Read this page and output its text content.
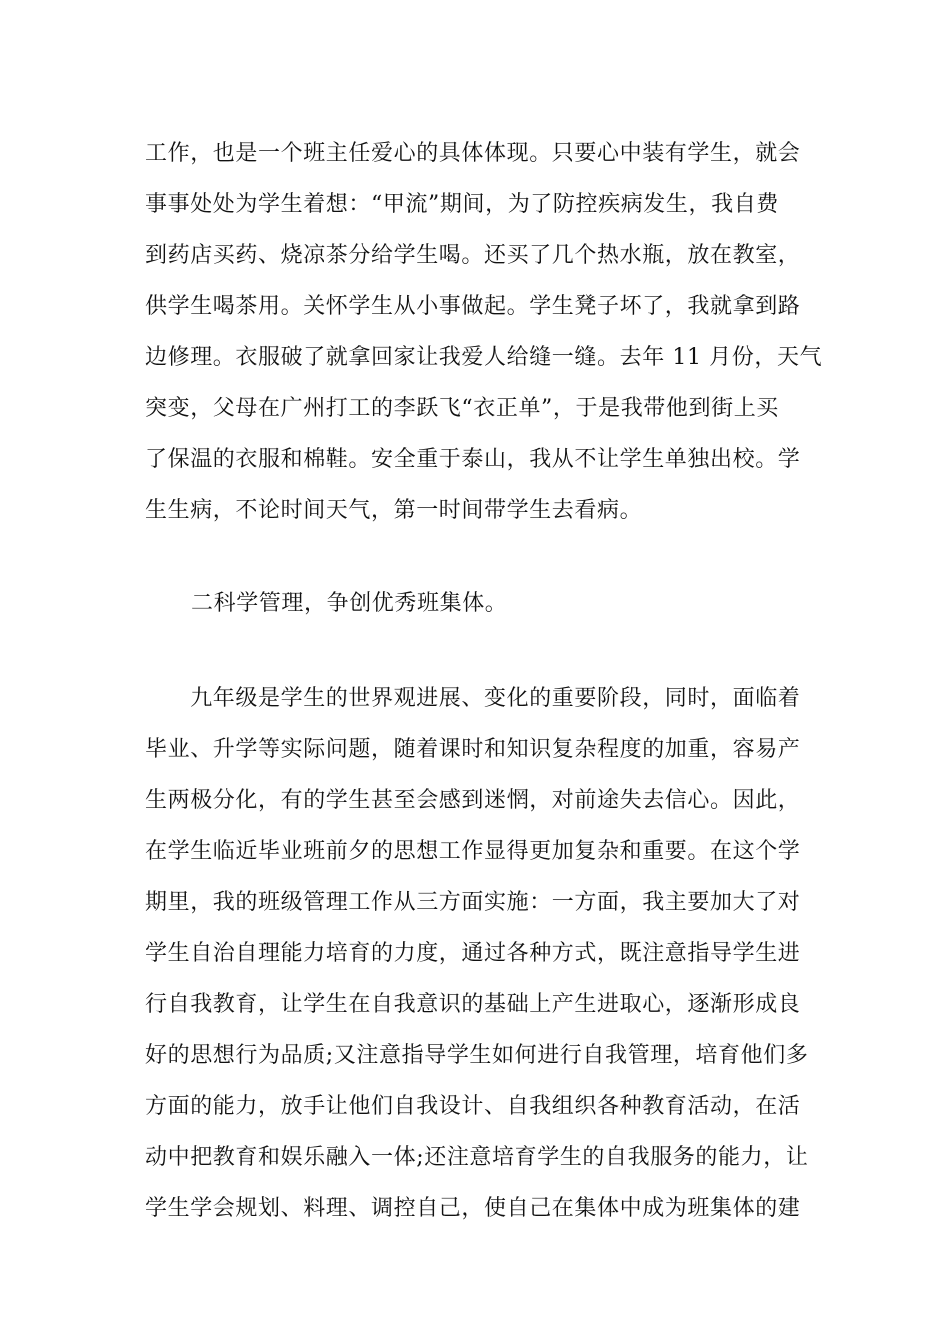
工作，也是一个班主任爱心的具体体现。只要心中装有学生，就会
事事处处为学生着想：“甲流”期间，为了防控疾病发生，我自费
到药店买药、烧凉茶分给学生喝。还买了几个热水瓶，放在教室，
供学生喝茶用。关怀学生从小事做起。学生凳子坏了，我就拿到路
边修理。衣服破了就拿回家让我爱人给缝一缝。去年 11 月份，天气
突变，父母在广州打工的李跃飞“衣正单”，于是我带他到街上买
了保温的衣服和棉鞋。安全重于泰山，我从不让学生单独出校。学
生生病，不论时间天气，第一时间带学生去看病。
二科学管理，争创优秀班集体。
　　九年级是学生的世界观进展、变化的重要阶段，同时，面临着
毕业、升学等实际问题，随着课时和知识复杂程度的加重，容易产
生两极分化，有的学生甚至会感到迷惘，对前途失去信心。因此，
在学生临近毕业班前夕的思想工作显得更加复杂和重要。在这个学
期里，我的班级管理工作从三方面实施：一方面，我主要加大了对
学生自治自理能力培育的力度，通过各种方式，既注意指导学生进
行自我教育，让学生在自我意识的基础上产生进取心，逐渐形成良
好的思想行为品质;又注意指导学生如何进行自我管理，培育他们多
方面的能力，放手让他们自我设计、自我组织各种教育活动，在活
动中把教育和娱乐融入一体;还注意培育学生的自我服务的能力，让
学生学会规划、料理、调控自己，使自己在集体中成为班集体的建
